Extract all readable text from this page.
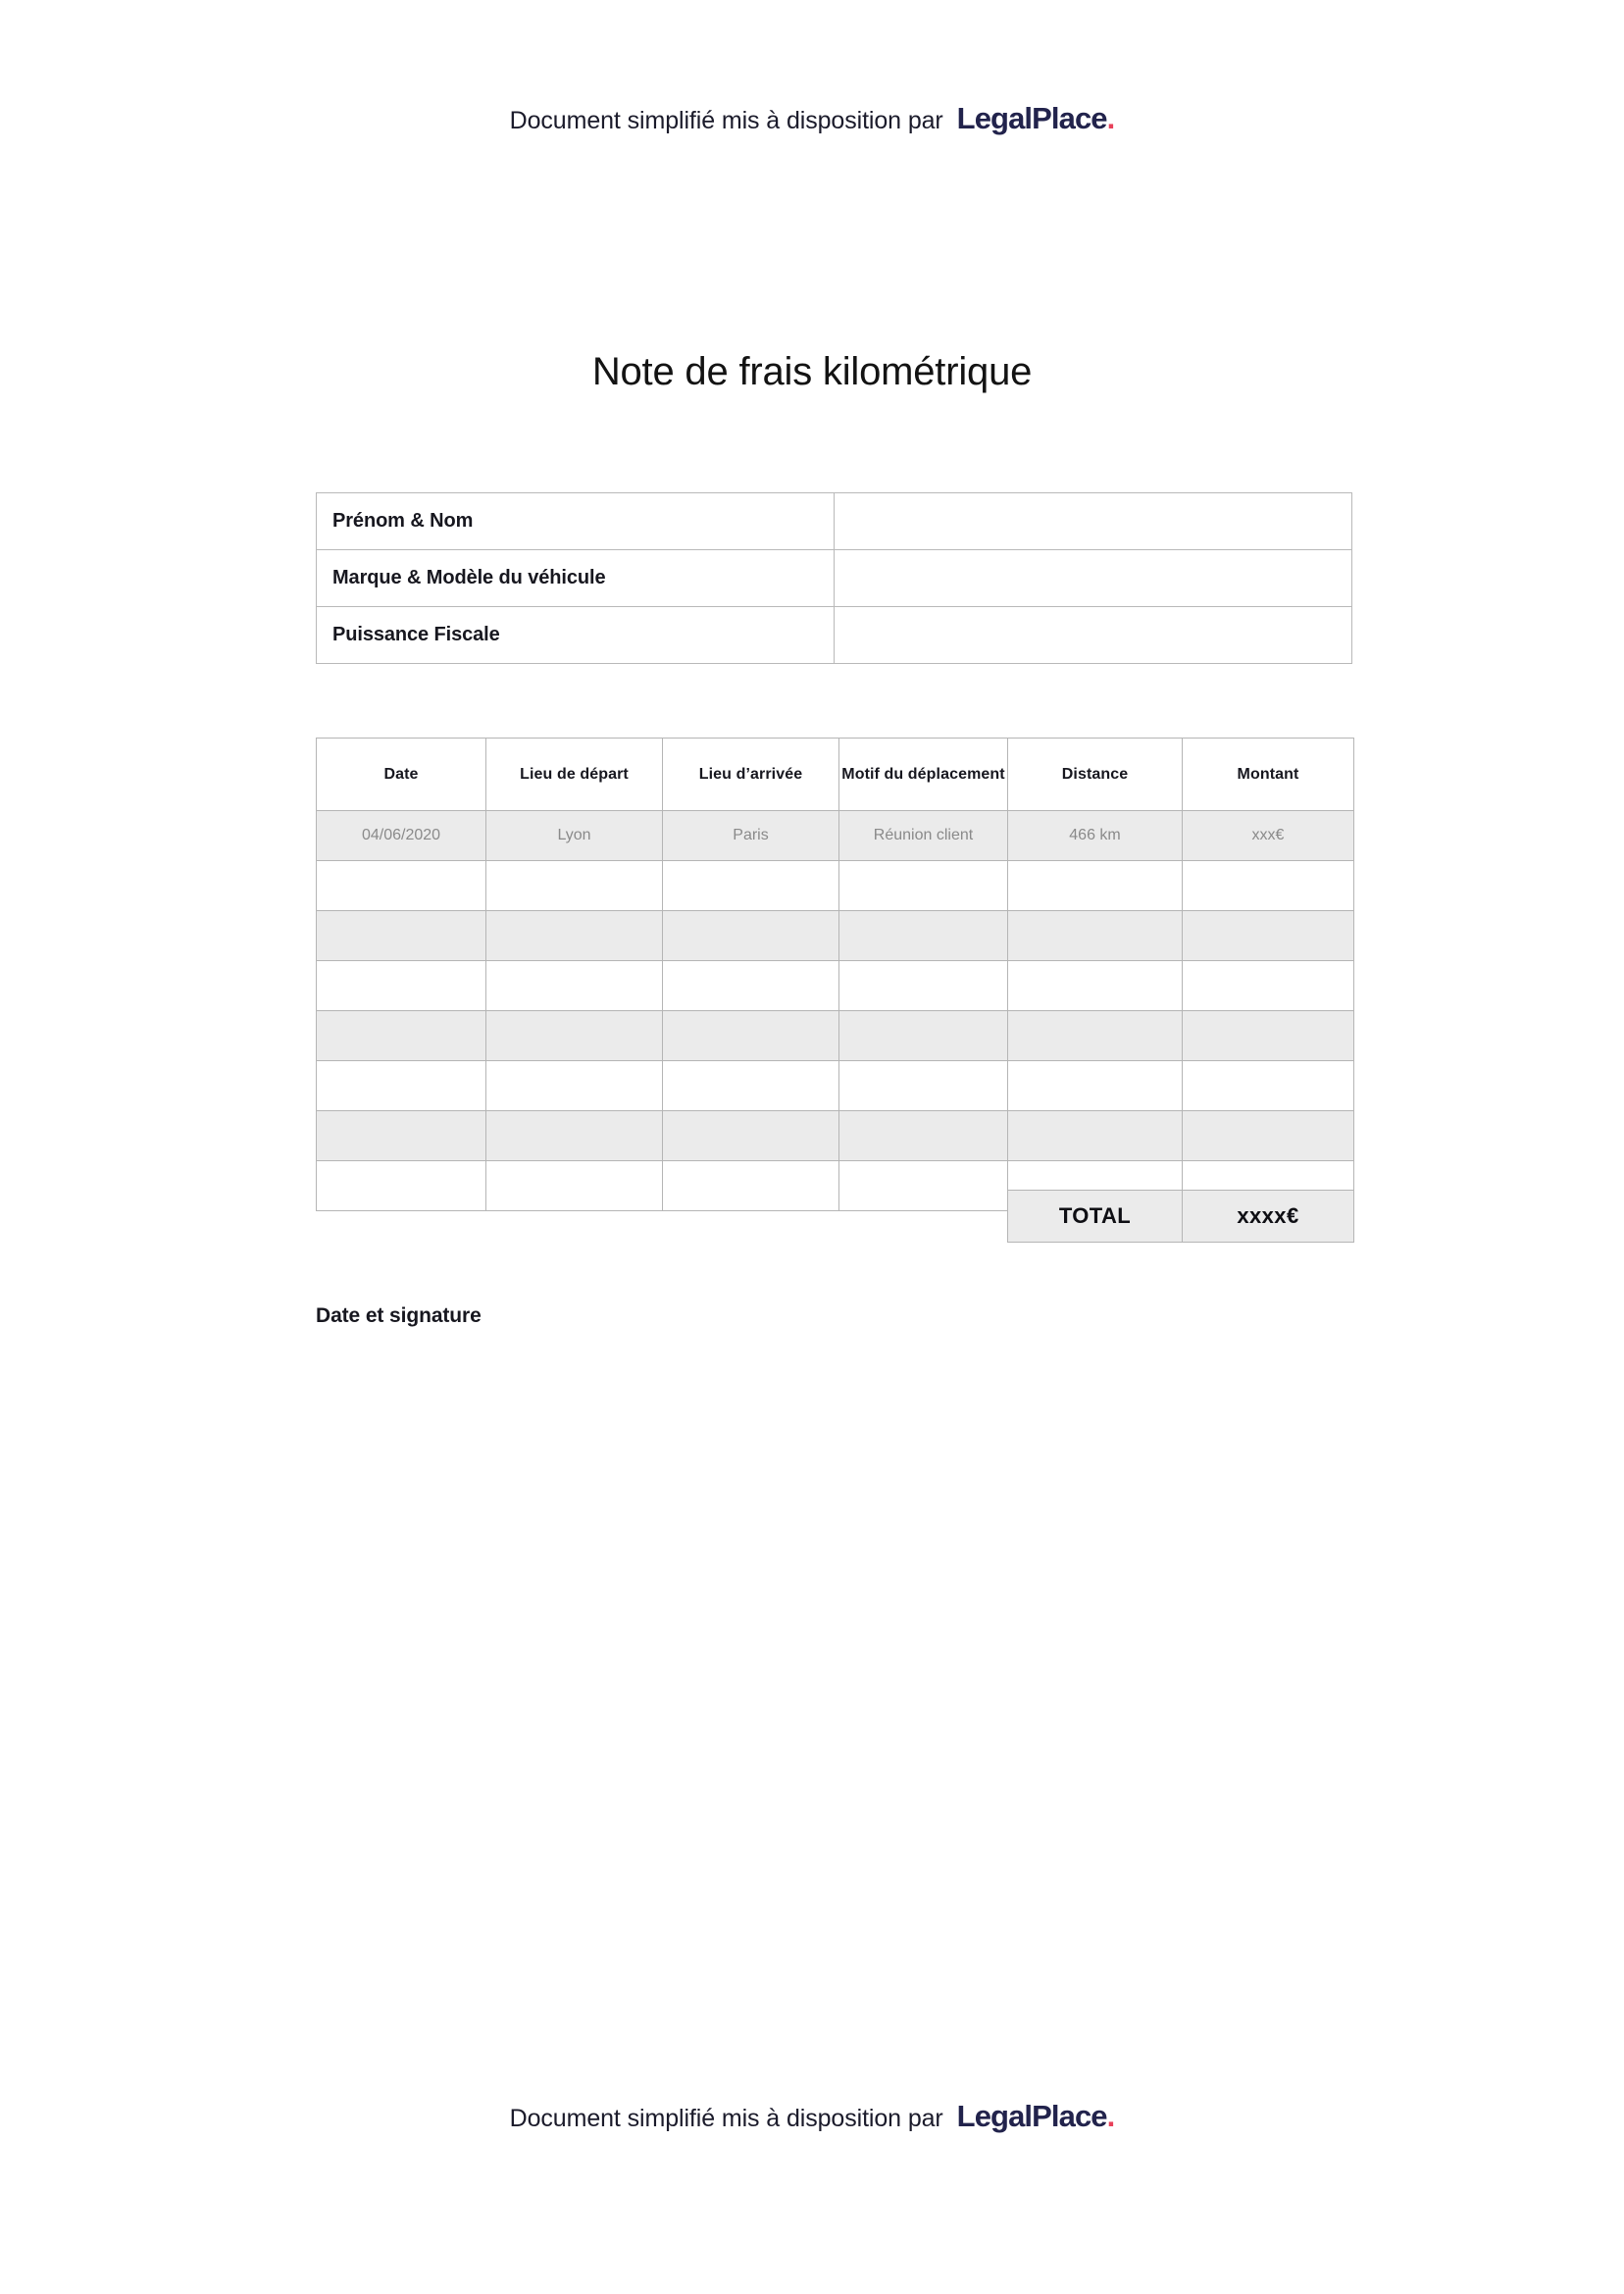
Document simplifié mis à disposition par LegalPlace.
Note de frais kilométrique
Prénom & Nom	
Marque & Modèle du véhicule	
Puissance Fiscale	
Date	Lieu de départ	Lieu d’arrivée	Motif du déplacement	Distance	Montant
04/06/2020	Lyon	Paris	Réunion client	466 km	xxx€

TOTAL	xxxx€
Date et signature
Document simplifié mis à disposition par LegalPlace.
